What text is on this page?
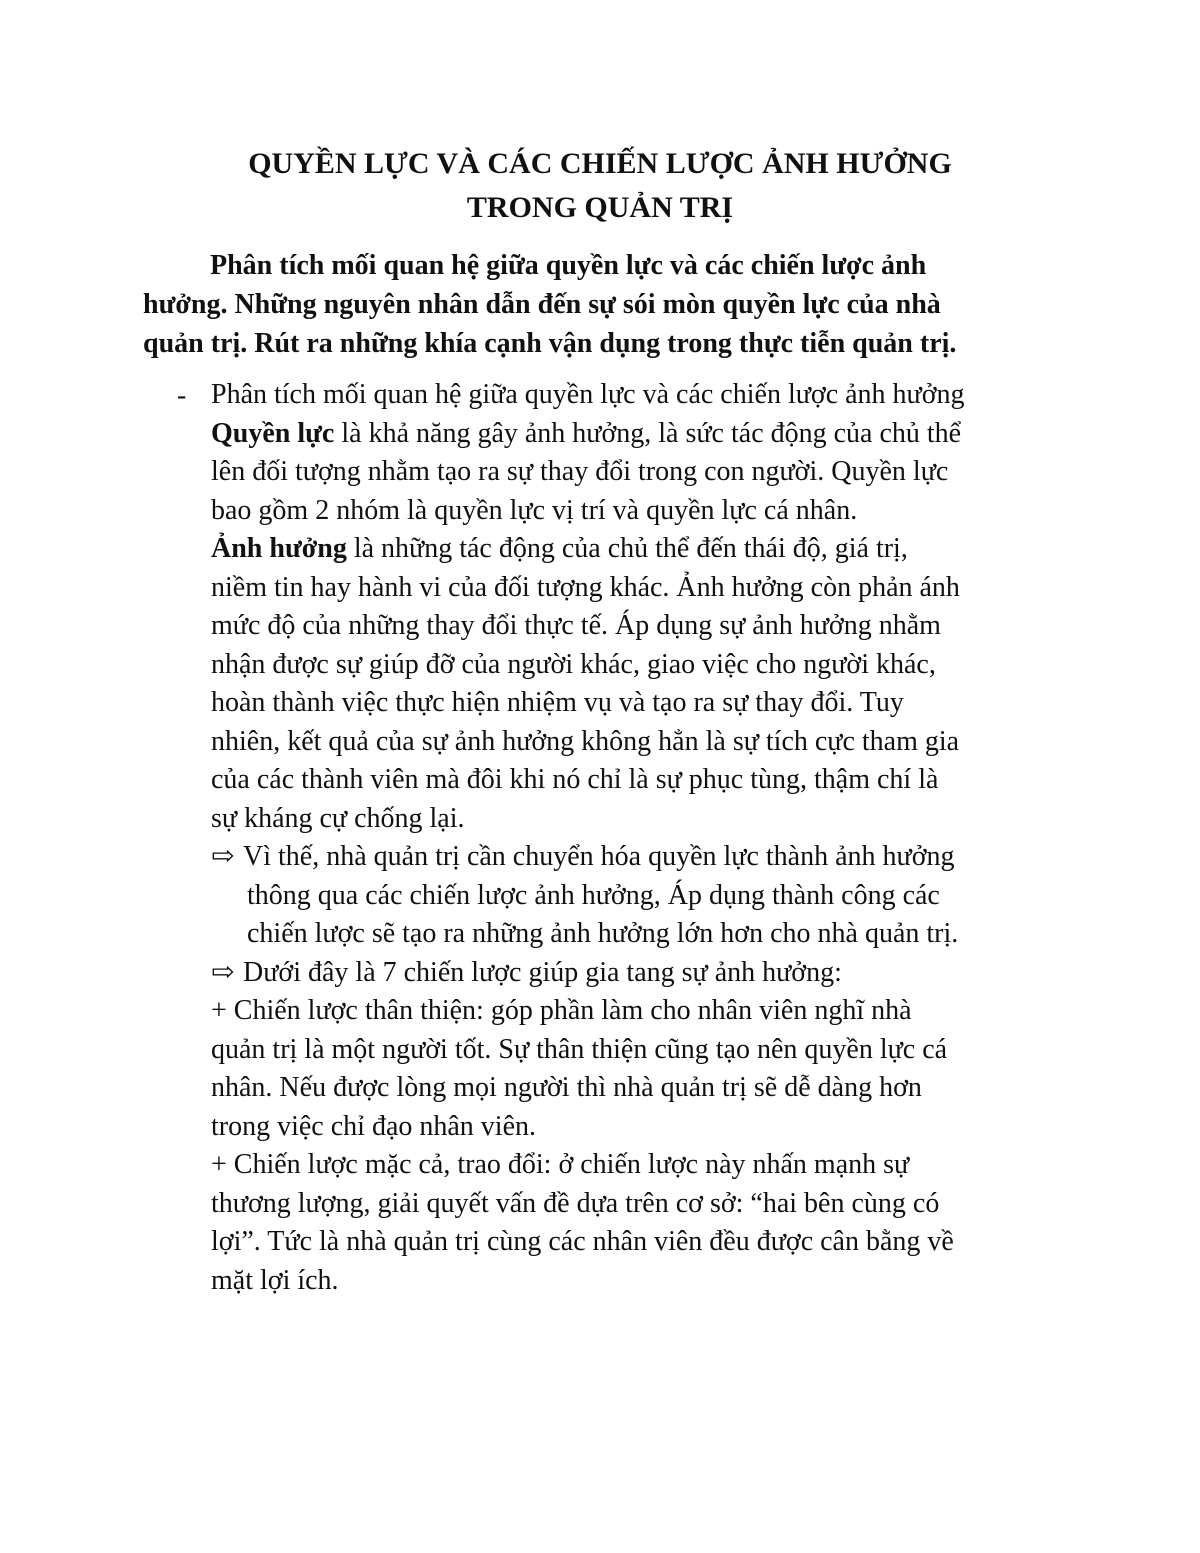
QUYỀN LỰC VÀ CÁC CHIẾN LƯỢC ẢNH HƯỞNG
TRONG QUẢN TRỊ
Phân tích mối quan hệ giữa quyền lực và các chiến lược ảnh
hưởng. Những nguyên nhân dẫn đến sự sói mòn quyền lực của nhà
quản trị. Rút ra những khía cạnh vận dụng trong thực tiễn quản trị.
- Phân tích mối quan hệ giữa quyền lực và các chiến lược ảnh hưởng
Quyền lực là khả năng gây ảnh hưởng, là sức tác động của chủ thể
lên đối tượng nhằm tạo ra sự thay đổi trong con người. Quyền lực
bao gồm 2 nhóm là quyền lực vị trí và quyền lực cá nhân.
Ảnh hưởng là những tác động của chủ thể đến thái độ, giá trị,
niềm tin hay hành vi của đối tượng khác. Ảnh hưởng còn phản ánh
mức độ của những thay đổi thực tế. Áp dụng sự ảnh hưởng nhằm
nhận được sự giúp đỡ của người khác, giao việc cho người khác,
hoàn thành việc thực hiện nhiệm vụ và tạo ra sự thay đổi. Tuy
nhiên, kết quả của sự ảnh hưởng không hẳn là sự tích cực tham gia
của các thành viên mà đôi khi nó chỉ là sự phục tùng, thậm chí là
sự kháng cự chống lại.
⇨ Vì thế, nhà quản trị cần chuyển hóa quyền lực thành ảnh hưởng
thông qua các chiến lược ảnh hưởng, Áp dụng thành công các
chiến lược sẽ tạo ra những ảnh hưởng lớn hơn cho nhà quản trị.
⇨ Dưới đây là 7 chiến lược giúp gia tang sự ảnh hưởng:
+ Chiến lược thân thiện: góp phần làm cho nhân viên nghĩ nhà
quản trị là một người tốt. Sự thân thiện cũng tạo nên quyền lực cá
nhân. Nếu được lòng mọi người thì nhà quản trị sẽ dễ dàng hơn
trong việc chỉ đạo nhân viên.
+ Chiến lược mặc cả, trao đổi: ở chiến lược này nhấn mạnh sự
thương lượng, giải quyết vấn đề dựa trên cơ sở: “hai bên cùng có
lợi”. Tức là nhà quản trị cùng các nhân viên đều được cân bằng về
mặt lợi ích.
